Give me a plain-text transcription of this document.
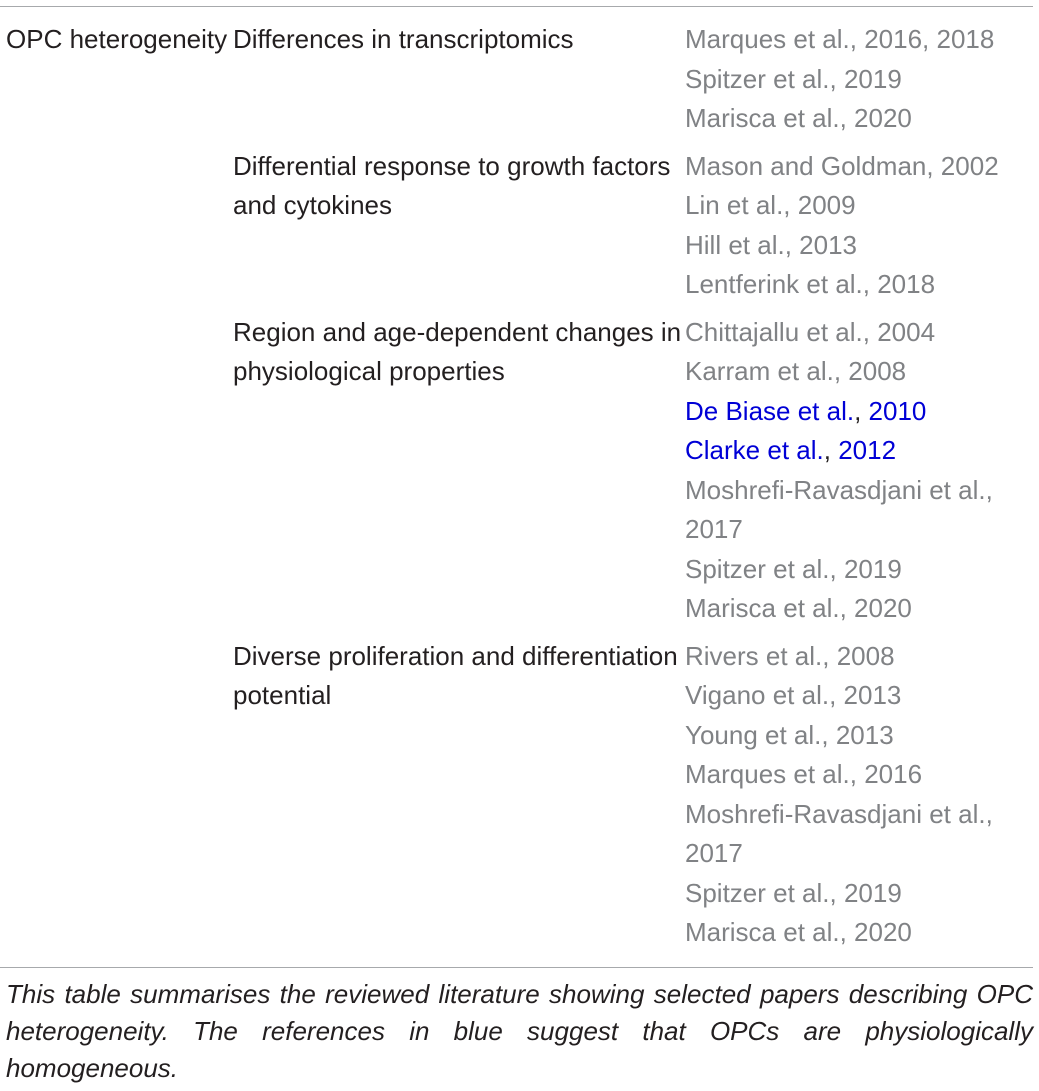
OPC heterogeneity Differences in transcriptomics	Marques et al., 2016, 2018
Spitzer et al., 2019
Marisca et al., 2020
Differential response to growth factors and cytokines
Mason and Goldman, 2002
Lin et al., 2009
Hill et al., 2013
Lentferink et al., 2018
Region and age-dependent changes in physiological properties
Chittajallu et al., 2004
Karram et al., 2008
De Biase et al., 2010
Clarke et al., 2012
Moshrefi-Ravasdjani et al., 2017
Spitzer et al., 2019
Marisca et al., 2020
Diverse proliferation and differentiation potential
Rivers et al., 2008
Vigano et al., 2013
Young et al., 2013
Marques et al., 2016
Moshrefi-Ravasdjani et al., 2017
Spitzer et al., 2019
Marisca et al., 2020
This table summarises the reviewed literature showing selected papers describing OPC heterogeneity. The references in blue suggest that OPCs are physiologically homogeneous.
